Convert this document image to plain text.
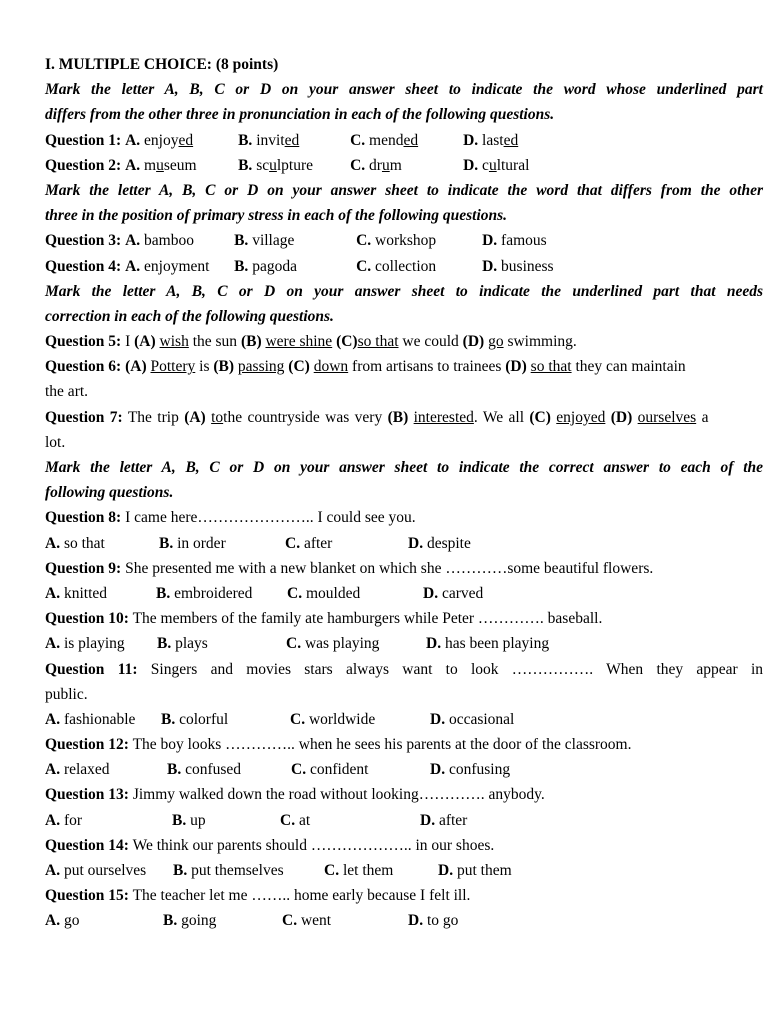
I. MULTIPLE CHOICE: (8 points)
Mark the letter A, B, C or D on your answer sheet to indicate the word whose underlined part
differs from the other three in pronunciation in each of the following questions.
Question 1: A. enjoyed	B. invited	C. mended	D. lasted
Question 2: A. museum	B. sculpture C. drum	D. cultural
Mark the letter A, B, C or D on your answer sheet to indicate the word that differs from the other
three in the position of primary stress in each of the following questions.
Question 3: A. bamboo	B. village	C. workshop	D. famous
Question 4: A. enjoyment B. pagoda	C. collection	D. business
Mark the letter A, B, C or D on your answer sheet to indicate the underlined part that needs
correction in each of the following questions.
Question 5: I (A) wish the sun (B) were shine (C)so that we could (D) go swimming.
Question 6: (A) Pottery is (B) passing (C) down from artisans to trainees (D) so that they can maintain
the art.
Question 7: The trip (A) tothe countryside was very (B) interested. We all (C) enjoyed (D) ourselves a
lot.
Mark the letter A, B, C or D on your answer sheet to indicate the correct answer to each of the
following questions.
Question 8: I came here………………….. I could see you.
A. so that	B. in order	C. after	D. despite
Question 9: She presented me with a new blanket on which she …………some beautiful flowers.
A. knitted	B. embroidered C. moulded	D. carved
Question 10: The members of the family ate hamburgers while Peter …………. baseball.
A. is playing B. plays	C. was playing	D. has been playing
Question 11: Singers and movies stars always want to look ……………. When they appear in
public.
A. fashionable B. colorful	C. worldwide	D. occasional
Question 12: The boy looks ………….. when he sees his parents at the door of the classroom.
A. relaxed	B. confused	C. confident	D. confusing
Question 13: Jimmy walked down the road without looking…………. anybody.
A. for	B. up	C. at	D. after
Question 14: We think our parents should ……………….. in our shoes.
A. put ourselves B. put themselves	C. let them	D. put them
Question 15: The teacher let me …….. home early because I felt ill.
A. go	B. going	C. went	D. to go
